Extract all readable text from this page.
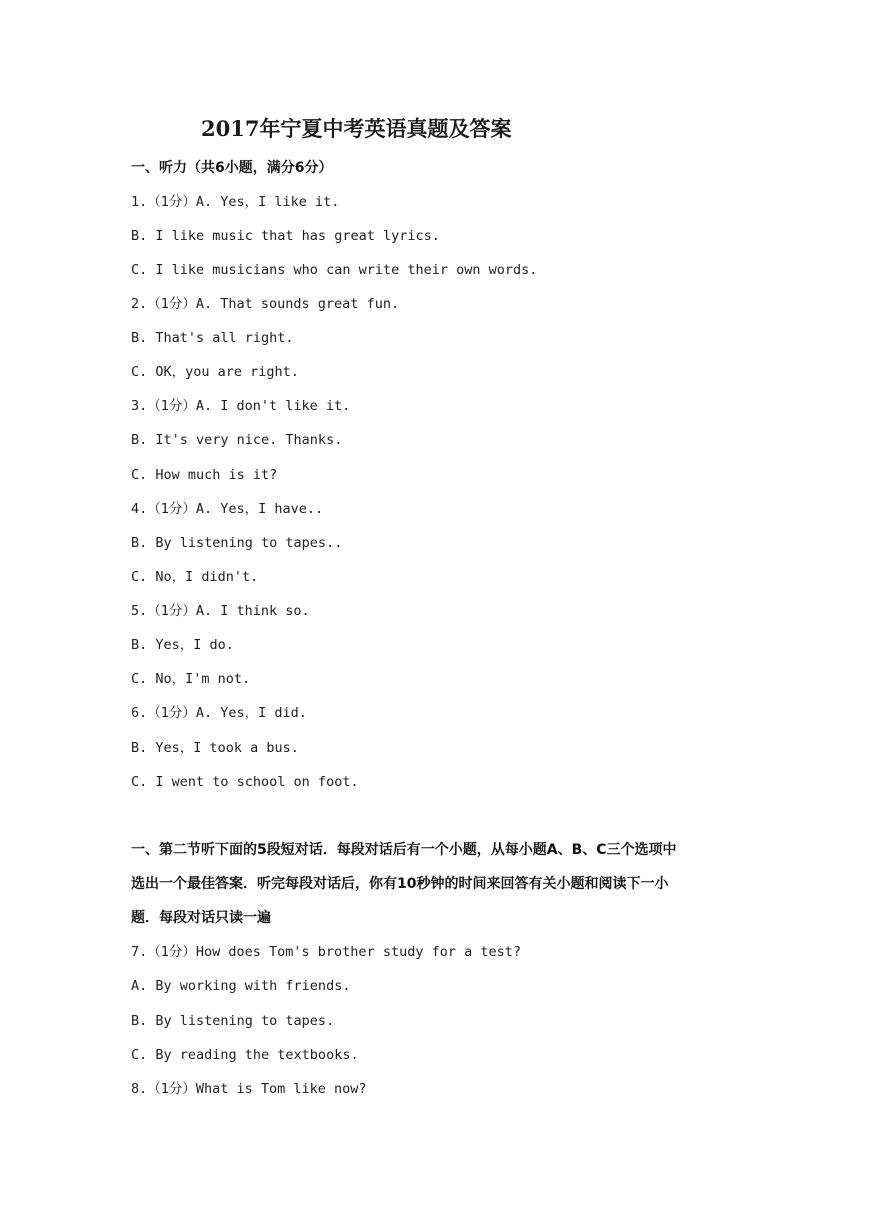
2017年宁夏中考英语真题及答案
一、听力（共6小题，满分6分）
1.（1分）A. Yes，I like it.
B. I like music that has great lyrics.
C. I like musicians who can write their own words.
2.（1分）A. That sounds great fun.
B. That's all right.
C. OK，you are right.
3.（1分）A. I don't like it.
B. It's very nice. Thanks.
C. How much is it?
4.（1分）A. Yes，I have..
B. By listening to tapes..
C. No，I didn't.
5.（1分）A. I think so.
B. Yes，I do.
C. No，I'm not.
6.（1分）A. Yes，I did.
B. Yes，I took a bus.
C. I went to school on foot.
一、第二节听下面的5段短对话．每段对话后有一个小题，从每小题A、B、C三个选项中
选出一个最佳答案．听完每段对话后，你有10秒钟的时间来回答有关小题和阅读下一小
题．每段对话只读一遍
7.（1分）How does Tom's brother study for a test?
A. By working with friends.
B. By listening to tapes.
C. By reading the textbooks.
8.（1分）What is Tom like now?
